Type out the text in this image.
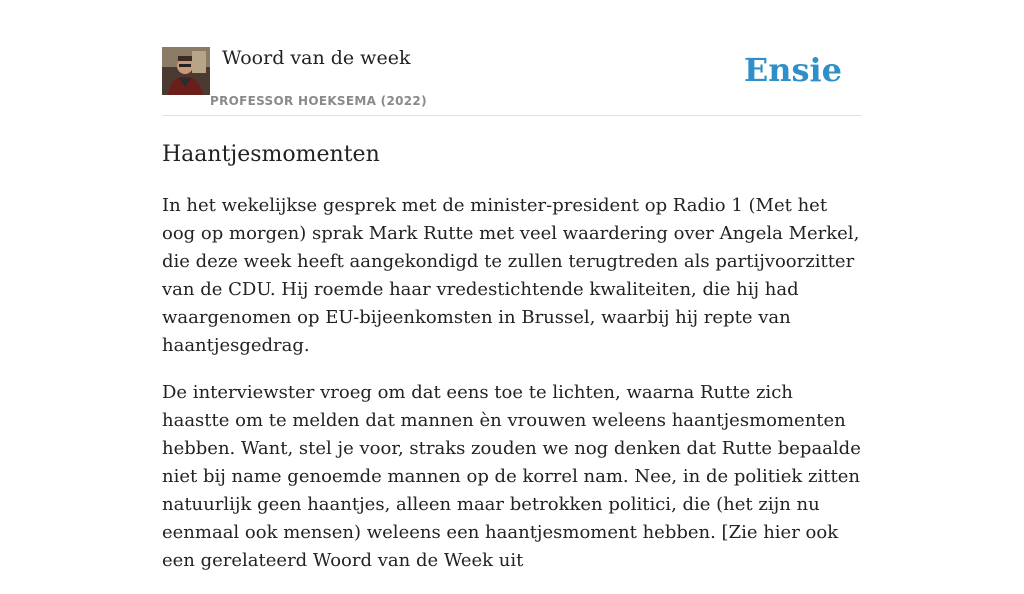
Woord van de week
PROFESSOR HOEKSEMA (2022)
Ensie
Haantjesmomenten

In het wekelijkse gesprek met de minister-president op Radio 1 (Met het oog op morgen) sprak Mark Rutte met veel waardering over Angela Merkel, die deze week heeft aangekondigd te zullen terugtreden als partijvoorzitter van de CDU. Hij roemde haar vredestichtende kwaliteiten, die hij had waargenomen op EU-bijeenkomsten in Brussel, waarbij hij repte van haantjesgedrag.

De interviewster vroeg om dat eens toe te lichten, waarna Rutte zich haastte om te melden dat mannen èn vrouwen weleens haantjesmomenten hebben. Want, stel je voor, straks zouden we nog denken dat Rutte bepaalde niet bij name genoemde mannen op de korrel nam. Nee, in de politiek zitten natuurlijk geen haantjes, alleen maar betrokken politici, die (het zijn nu eenmaal ook mensen) weleens een haantjesmoment hebben. [Zie hier ook een gerelateerd Woord van de Week uit
